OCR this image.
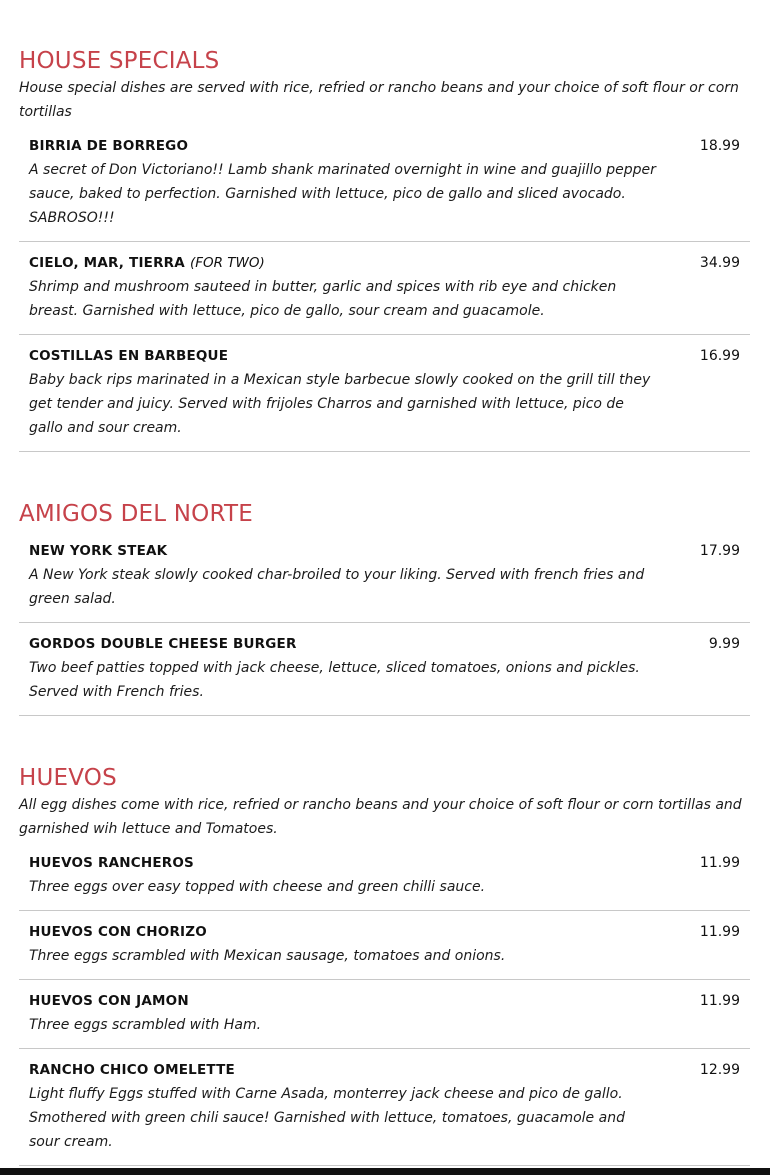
HOUSE SPECIALS

House special dishes are served with rice, refried or rancho beans and your choice of soft flour or corn tortillas

BIRRIA DE BORREGO	18.99

A secret of Don Victoriano!! Lamb shank marinated overnight in wine and guajillo pepper sauce, baked to perfection. Garnished with lettuce, pico de gallo and sliced avocado. SABROSO!!!

CIELO, MAR, TIERRA (FOR TWO)	34.99

Shrimp and mushroom sauteed in butter, garlic and spices with rib eye and chicken breast. Garnished with lettuce, pico de gallo, sour cream and guacamole.

COSTILLAS EN BARBEQUE	16.99

Baby back rips marinated in a Mexican style barbecue slowly cooked on the grill till they get tender and juicy. Served with frijoles Charros and garnished with lettuce, pico de gallo and sour cream.

AMIGOS DEL NORTE

NEW YORK STEAK	17.99

A New York steak slowly cooked char-broiled to your liking. Served with french fries and green salad.

GORDOS DOUBLE CHEESE BURGER	9.99

Two beef patties topped with jack cheese, lettuce, sliced tomatoes, onions and pickles. Served with French fries.

HUEVOS

All egg dishes come with rice, refried or rancho beans and your choice of soft flour or corn tortillas and garnished wih lettuce and Tomatoes.

HUEVOS RANCHEROS	11.99

Three eggs over easy topped with cheese and green chilli sauce.

HUEVOS CON CHORIZO	11.99

Three eggs scrambled with Mexican sausage, tomatoes and onions.

HUEVOS CON JAMON	11.99

Three eggs scrambled with Ham.

RANCHO CHICO OMELETTE	12.99

Light fluffy Eggs stuffed with Carne Asada, monterrey jack cheese and pico de gallo. Smothered with green chili sauce! Garnished with lettuce, tomatoes, guacamole and sour cream.
